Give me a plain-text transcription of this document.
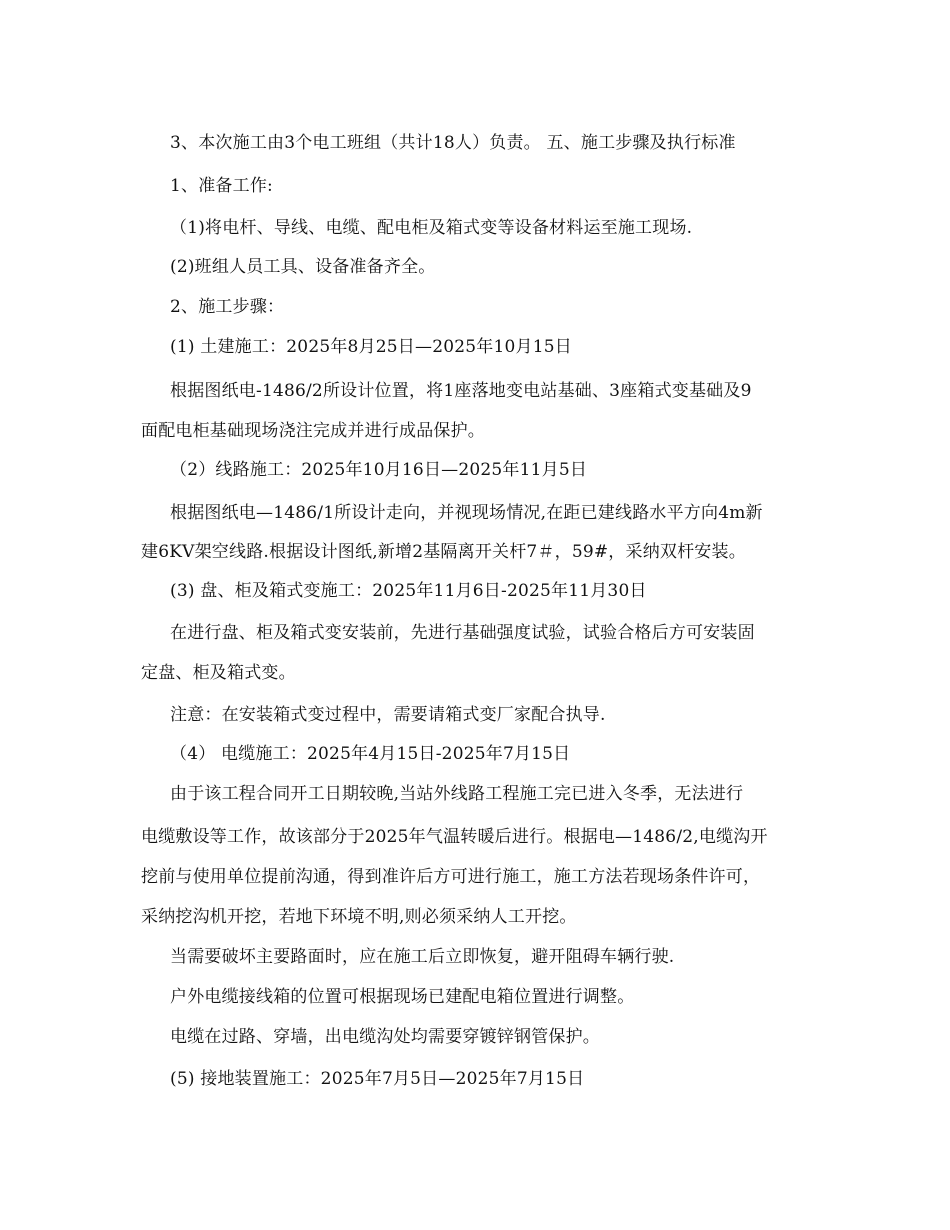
3、本次施工由3个电工班组（共计18人）负责。 五、施工步骤及执行标准
1、准备工作:
（1)将电杆、导线、电缆、配电柜及箱式变等设备材料运至施工现场.
(2)班组人员工具、设备准备齐全。
2、施工步骤：
(1) 土建施工：2025年8月25日—2025年10月15日
根据图纸电-1486/2所设计位置，将1座落地变电站基础、3座箱式变基础及9
面配电柜基础现场浇注完成并进行成品保护。
（2）线路施工：2025年10月16日—2025年11月5日
根据图纸电—1486/1所设计走向，并视现场情况,在距已建线路水平方向4m新
建6KV架空线路.根据设计图纸,新增2基隔离开关杆7＃，59#，采纳双杆安装。
(3) 盘、柜及箱式变施工：2025年11月6日-2025年11月30日
在进行盘、柜及箱式变安装前，先进行基础强度试验，试验合格后方可安装固
定盘、柜及箱式变。
注意：在安装箱式变过程中，需要请箱式变厂家配合执导.
（4） 电缆施工：2025年4月15日-2025年7月15日
由于该工程合同开工日期较晚,当站外线路工程施工完已进入冬季，无法进行
电缆敷设等工作，故该部分于2025年气温转暖后进行。根据电—1486/2,电缆沟开
挖前与使用单位提前沟通，得到准许后方可进行施工，施工方法若现场条件许可，
采纳挖沟机开挖，若地下环境不明,则必须采纳人工开挖。
当需要破坏主要路面时，应在施工后立即恢复，避开阻碍车辆行驶.
户外电缆接线箱的位置可根据现场已建配电箱位置进行调整。
电缆在过路、穿墙，出电缆沟处均需要穿镀锌钢管保护。
(5) 接地装置施工：2025年7月5日—2025年7月15日
